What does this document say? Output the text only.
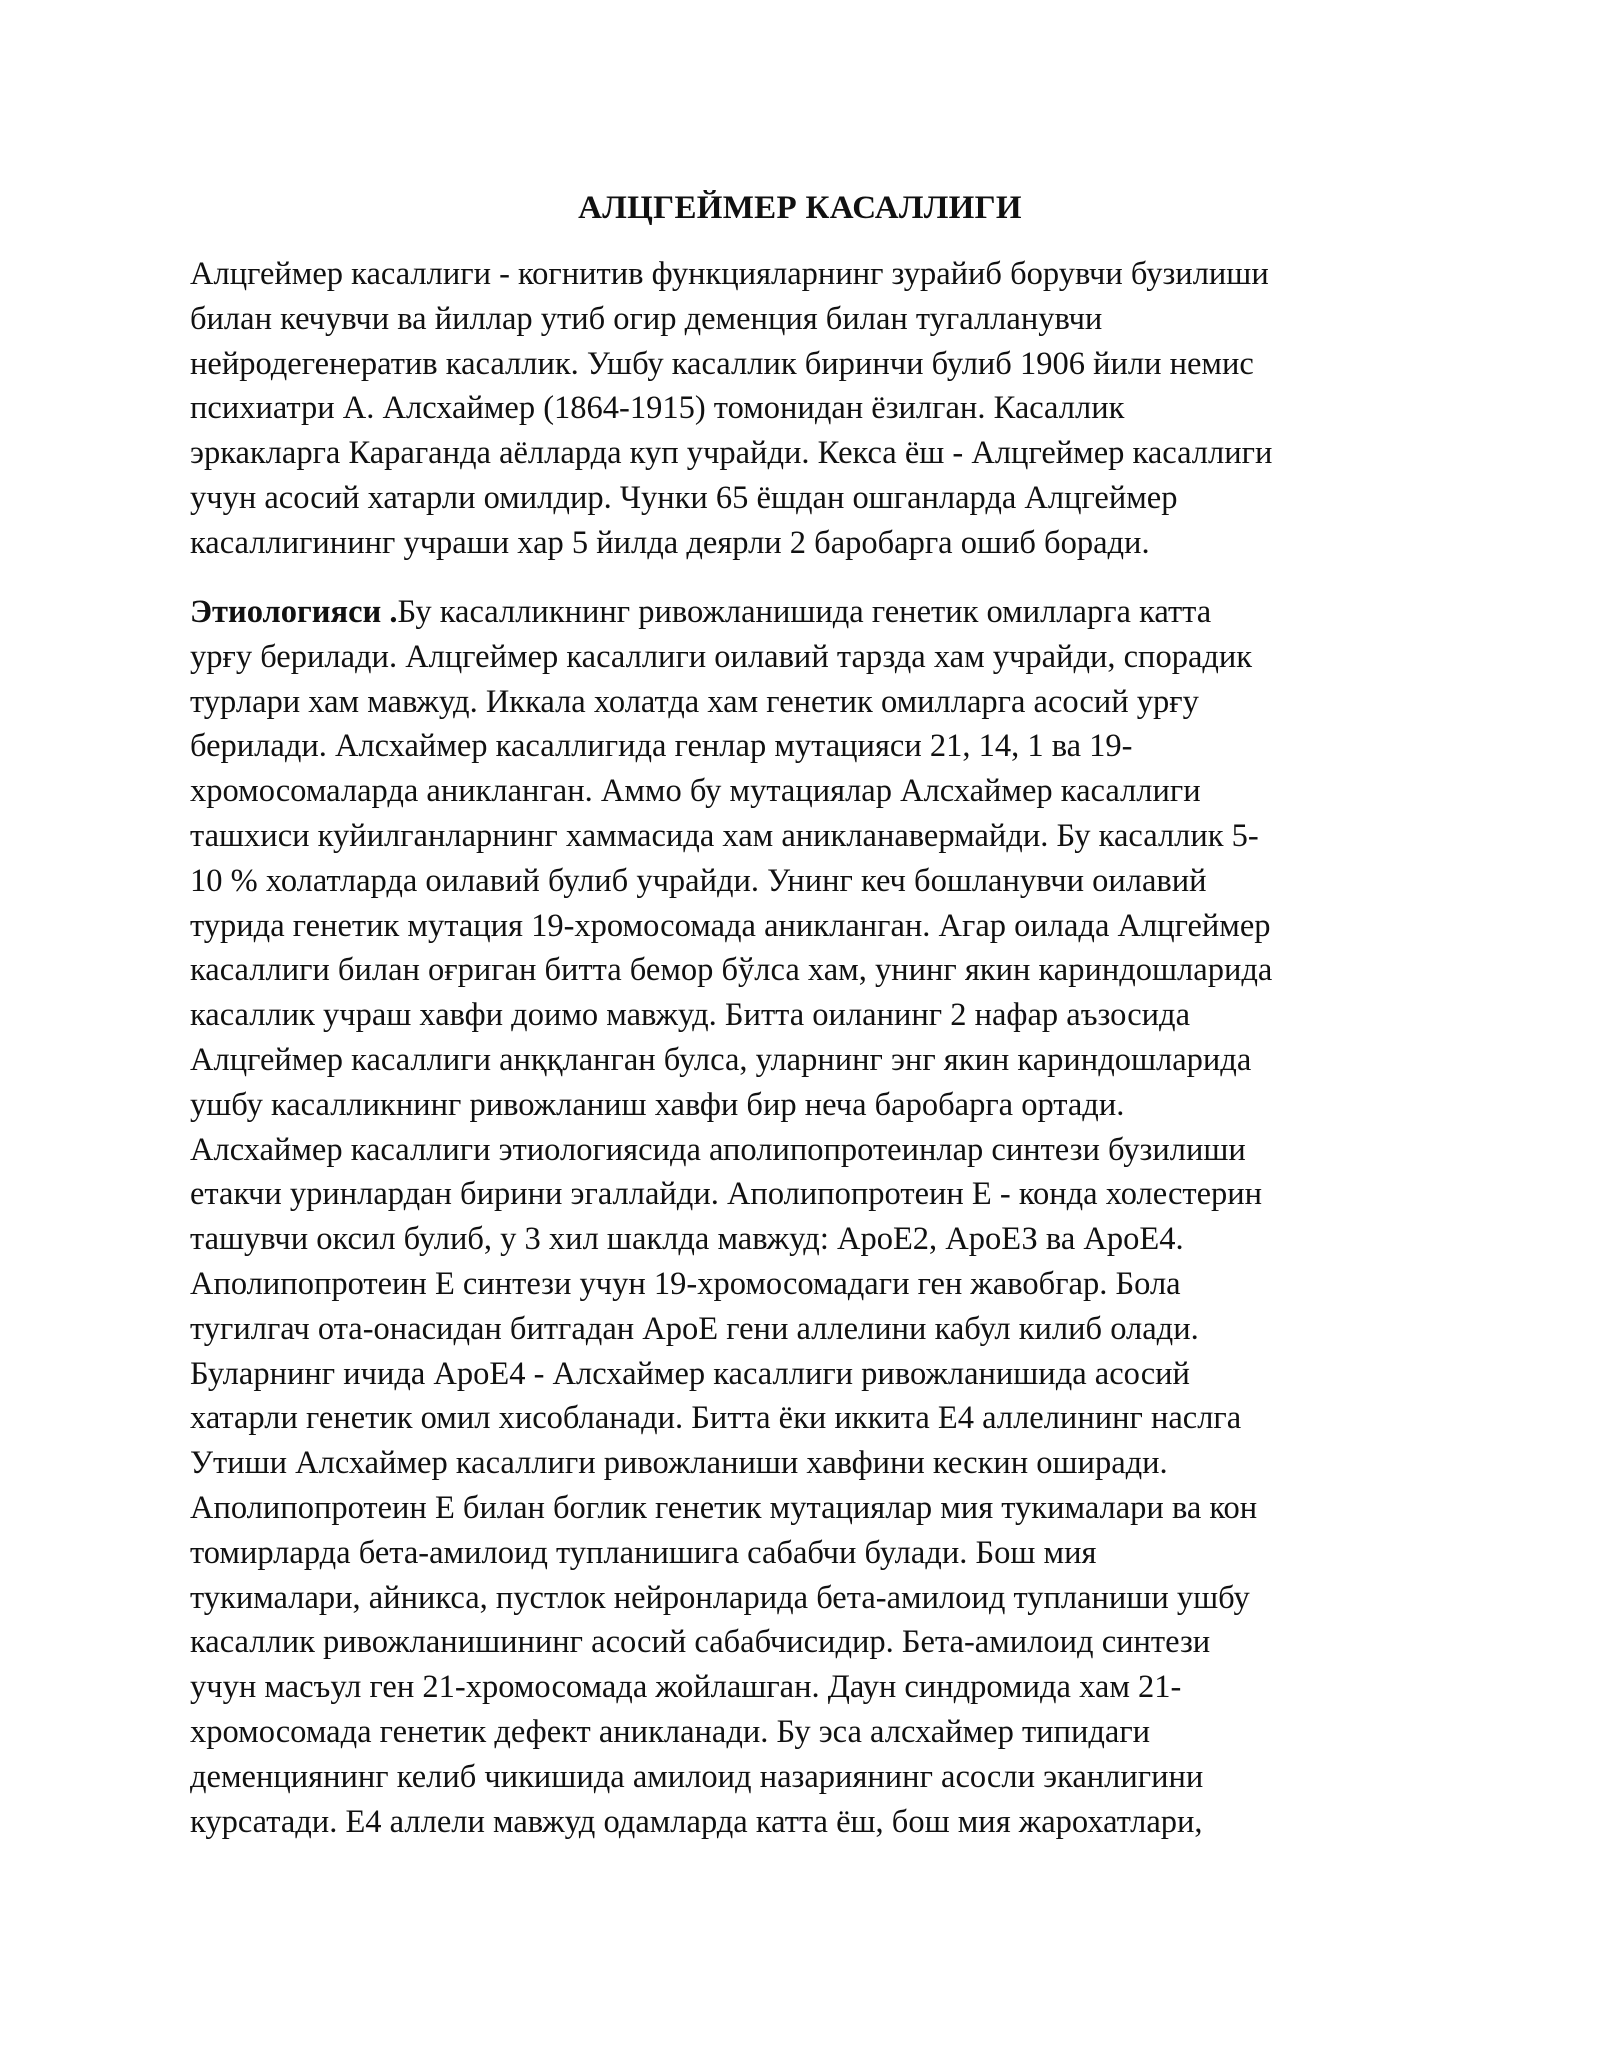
АЛЦГЕЙМЕР КАСАЛЛИГИ
Алцгеймер касаллиги - когнитив функцияларнинг зурайиб борувчи бузилиши
билан кечувчи ва йиллар утиб огир деменция билан тугалланувчи
нейродегенератив касаллик. Ушбу касаллик биринчи булиб 1906 йили немис
психиатри А. Алсхаймер (1864-1915) томонидан ёзилган. Касаллик
эркакларга Караганда аёлларда куп учрайди. Кекса ёш - Алцгеймер касаллиги
учун асосий хатарли омилдир. Чунки 65 ёшдан ошганларда Алцгеймер
касаллигининг учраши хар 5 йилда деярли 2 баробарга ошиб боради.
Этиологияси .Бу касалликнинг ривожланишида генетик омилларга катта
урғу берилади. Алцгеймер касаллиги оилавий тарзда хам учрайди, спорадик
турлари хам мавжуд. Иккала холатда хам генетик омилларга асосий урғу
берилади. Алсхаймер касаллигида генлар мутацияси 21, 14, 1 ва 19-
хромосомаларда аникланган. Аммо бу мутациялар Алсхаймер касаллиги
ташхиси куйилганларнинг хаммасида хам аникланавермайди. Бу касаллик 5-
10 % холатларда оилавий булиб учрайди. Унинг кеч бошланувчи оилавий
турида генетик мутация 19-хромосомада аникланган. Агар оилада Алцгеймер
касаллиги билан оғриган битта бемор бўлса хам, унинг якин кариндошларида
касаллик учраш хавфи доимо мавжуд. Битта оиланинг 2 нафар аъзосида
Алцгеймер касаллиги анққланган булса, уларнинг энг якин кариндошларида
ушбу касалликнинг ривожланиш хавфи бир неча баробарга ортади.
Алсхаймер касаллиги этиологиясида аполипопротеинлар синтези бузилиши
етакчи уринлардан бирини эгаллайди. Аполипопротеин Е - конда холестерин
ташувчи оксил булиб, у 3 хил шаклда мавжуд: АроЕ2, АроЕЗ ва АроЕ4.
Аполипопротеин Е синтези учун 19-хромосомадаги ген жавобгар. Бола
тугилгач ота-онасидан битгадан АроЕ гени аллелини кабул килиб олади.
Буларнинг ичида АроЕ4 - Алсхаймер касаллиги ривожланишида асосий
хатарли генетик омил хисобланади. Битта ёки иккита Е4 аллелининг наслга
Утиши Алсхаймер касаллиги ривожланиши хавфини кескин оширади.
Аполипопротеин Е билан боглик генетик мутациялар мия тукималари ва кон
томирларда бета-амилоид тупланишига сабабчи булади. Бош мия
тукималари, айникса, пустлок нейронларида бета-амилоид тупланиши ушбу
касаллик ривожланишининг асосий сабабчисидир. Бета-амилоид синтези
учун масъул ген 21-хромосомада жойлашган. Даун синдромида хам 21-
хромосомада генетик дефект аникланади. Бу эса алсхаймер типидаги
деменциянинг келиб чикишида амилоид назариянинг асосли эканлигини
курсатади. Е4 аллели мавжуд одамларда катта ёш, бош мия жарохатлари,
